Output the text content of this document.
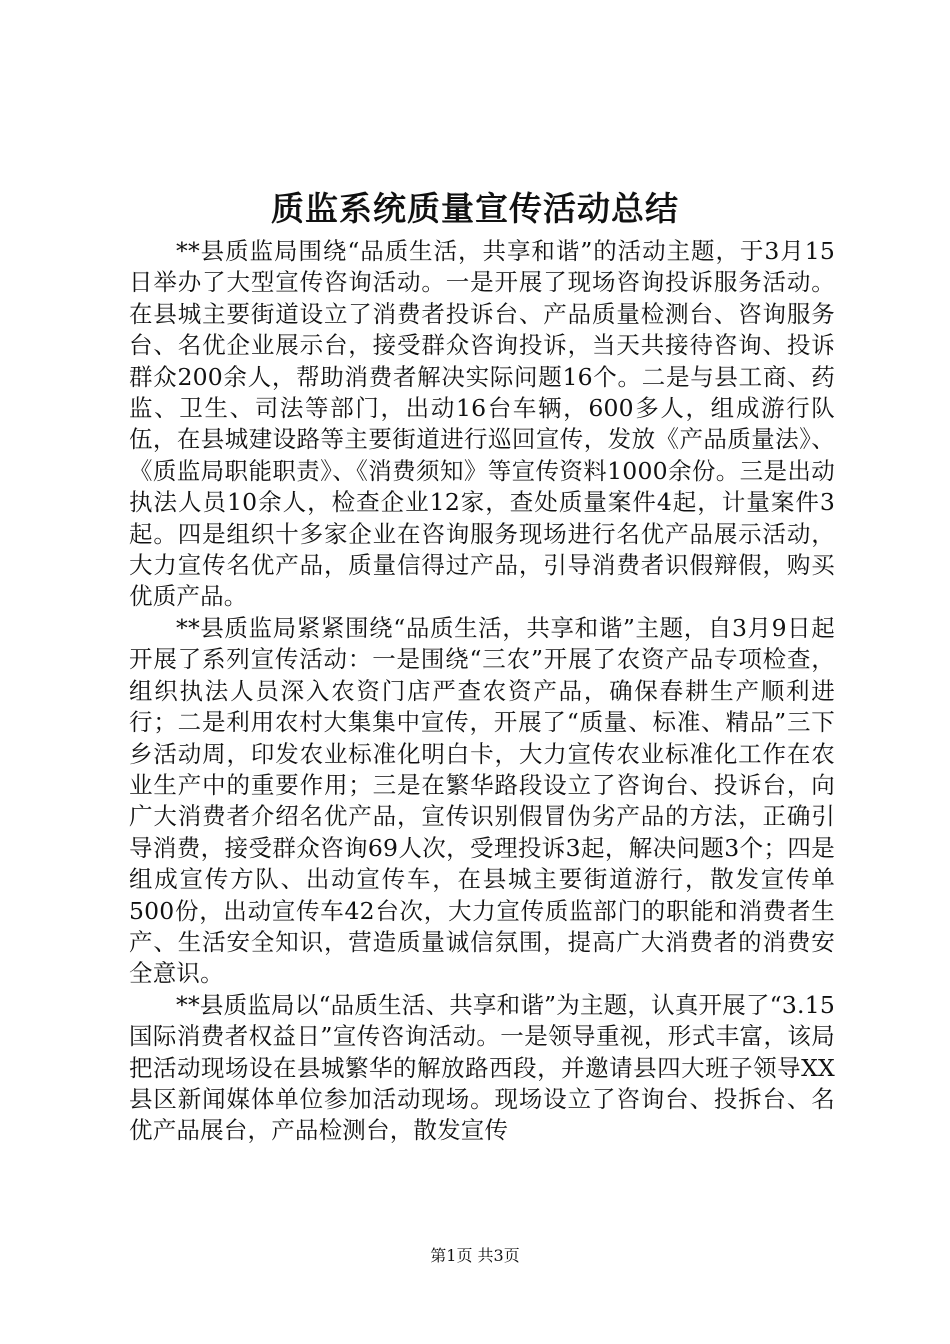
质监系统质量宣传活动总结

**县质监局围绕“品质生活，共享和谐”的活动主题，于3月15日举办了大型宣传咨询活动。一是开展了现场咨询投诉服务活动。在县城主要街道设立了消费者投诉台、产品质量检测台、咨询服务台、名优企业展示台，接受群众咨询投诉，当天共接待咨询、投诉群众200余人，帮助消费者解决实际问题16个。二是与县工商、药监、卫生、司法等部门，出动16台车辆，600多人，组成游行队伍，在县城建设路等主要街道进行巡回宣传，发放《产品质量法》、《质监局职能职责》、《消费须知》等宣传资料1000余份。三是出动执法人员10余人，检查企业12家，查处质量案件4起，计量案件3起。四是组织十多家企业在咨询服务现场进行名优产品展示活动，大力宣传名优产品，质量信得过产品，引导消费者识假辩假，购买优质产品。

**县质监局紧紧围绕“品质生活，共享和谐”主题，自3月9日起开展了系列宣传活动：一是围绕“三农”开展了农资产品专项检查，组织执法人员深入农资门店严查农资产品，确保春耕生产顺利进行；二是利用农村大集集中宣传，开展了“质量、标准、精品”三下乡活动周，印发农业标准化明白卡，大力宣传农业标准化工作在农业生产中的重要作用；三是在繁华路段设立了咨询台、投诉台，向广大消费者介绍名优产品，宣传识别假冒伪劣产品的方法，正确引导消费，接受群众咨询69人次，受理投诉3起，解决问题3个；四是组成宣传方队、出动宣传车，在县城主要街道游行，散发宣传单500份，出动宣传车42台次，大力宣传质监部门的职能和消费者生产、生活安全知识，营造质量诚信氛围，提高广大消费者的消费安全意识。

**县质监局以“品质生活、共享和谐”为主题，认真开展了“3.15国际消费者权益日”宣传咨询活动。一是领导重视，形式丰富，该局把活动现场设在县城繁华的解放路西段，并邀请县四大班子领导XX县区新闻媒体单位参加活动现场。现场设立了咨询台、投拆台、名优产品展台，产品检测台，散发宣传

第1页 共3页
